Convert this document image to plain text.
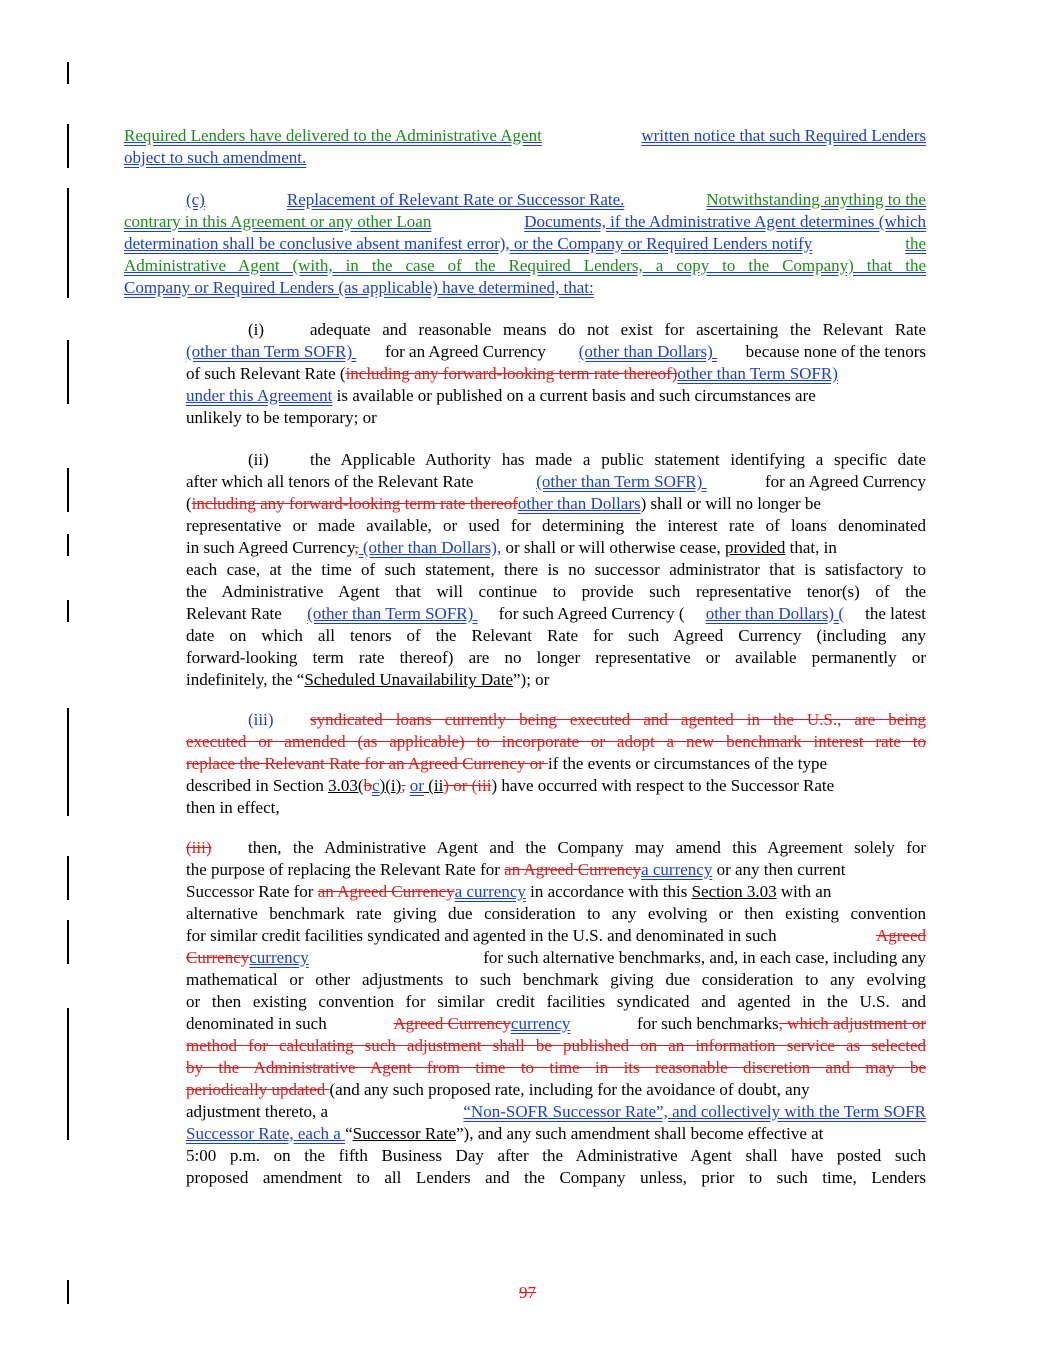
Required Lenders have delivered to the Administrative Agent	written notice that such Required Lenders
object to such amendment.
(c)	Replacement of Relevant Rate or Successor Rate.	Notwithstanding anything to the
contrary in this Agreement or any other Loan	Documents, if the Administrative Agent determines (which
determination shall be conclusive absent manifest error), or the Company or Required Lenders notify	the
Administrative Agent (with, in the case of the Required Lenders, a copy to the Company) that the
Company or Required Lenders (as applicable) have determined, that:
(i)	adequate and reasonable means do not exist for ascertaining the Relevant Rate
(other than Term SOFR) for an Agreed Currency (other than Dollars) because none of the tenors
of such Relevant Rate (including any forward-looking term rate thereof)other than Term SOFR)
under this Agreement is available or published on a current basis and such circumstances are
unlikely to be temporary; or
(ii) the Applicable Authority has made a public statement identifying a specific date
after which all tenors of the Relevant Rate	(other than Term SOFR)	for an Agreed Currency
(including any forward-looking term rate thereofother than Dollars) shall or will no longer be
representative or made available, or used for determining the interest rate of loans denominated
in such Agreed Currency, (other than Dollars), or shall or will otherwise cease, provided that, in
each case, at the time of such statement, there is no successor administrator that is satisfactory to
the Administrative Agent that will continue to provide such representative tenor(s) of the
Relevant Rate (other than Term SOFR) for such Agreed Currency ( other than Dollars) ( the latest
date on which all tenors of the Relevant Rate for such Agreed Currency (including any
forward-looking term rate thereof) are no longer representative or available permanently or
indefinitely, the “Scheduled Unavailability Date”); or
(iii) syndicated loans currently being executed and agented in the U.S., are being
executed or amended (as applicable) to incorporate or adopt a new benchmark interest rate to
replace the Relevant Rate for an Agreed Currency or if the events or circumstances of the type
described in Section 3.03(bc)(i), or (ii) or (iii) have occurred with respect to the Successor Rate
then in effect,
(iii) then, the Administrative Agent and the Company may amend this Agreement solely for
the purpose of replacing the Relevant Rate for an Agreed Currencya currency or any then current
Successor Rate for an Agreed Currencya currency in accordance with this Section 3.03 with an
alternative benchmark rate giving due consideration to any evolving or then existing convention
for similar credit facilities syndicated and agented in the U.S. and denominated in such	Agreed
Currencycurrency	for such alternative benchmarks, and, in each case, including any
mathematical or other adjustments to such benchmark giving due consideration to any evolving
or then existing convention for similar credit facilities syndicated and agented in the U.S. and
denominated in such	Agreed Currencycurrency	for such benchmarks, which adjustment or
method for calculating such adjustment shall be published on an information service as selected
by the Administrative Agent from time to time in its reasonable discretion and may be
periodically updated (and any such proposed rate, including for the avoidance of doubt, any
adjustment thereto, a	“Non-SOFR Successor Rate”, and collectively with the Term SOFR
Successor Rate, each a “Successor Rate”), and any such amendment shall become effective at
5:00 p.m. on the fifth Business Day after the Administrative Agent shall have posted such
proposed amendment to all Lenders and the Company unless, prior to such time, Lenders
97
